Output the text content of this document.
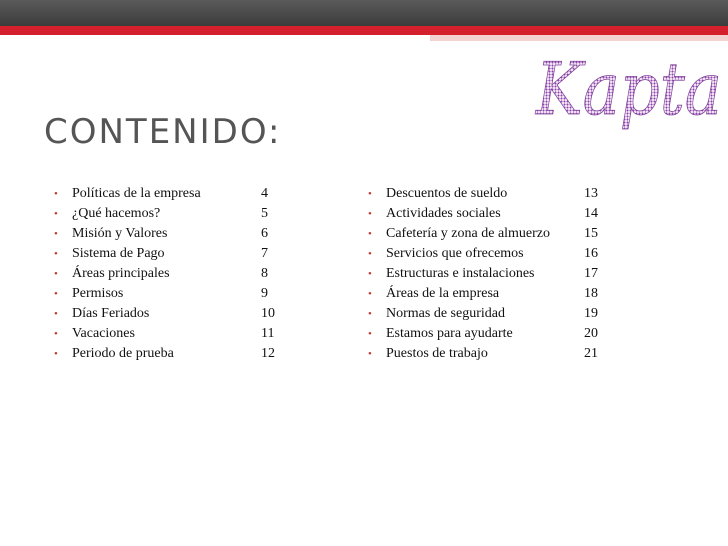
Kapta
CONTENIDO:
• Políticas de la empresa	4
• ¿Qué hacemos?	5
• Misión y Valores	6
• Sistema de Pago	7
• Áreas principales	8
• Permisos	9
• Días Feriados	10
• Vacaciones	11
• Periodo de prueba	12
• Descuentos de sueldo	13
• Actividades sociales	14
• Cafetería y zona de almuerzo 15
• Servicios que ofrecemos	16
• Estructuras e instalaciones	17
• Áreas de la empresa	18
• Normas de seguridad	19
• Estamos para ayudarte	20
• Puestos de trabajo	21
